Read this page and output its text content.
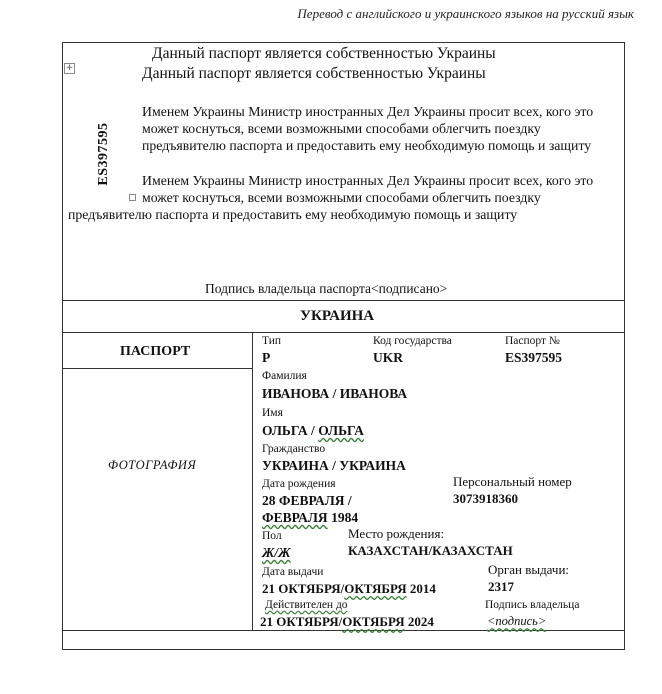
Перевод с английского и украинского языков на русский язык
+
Данный паспорт является собственностью Украины
Данный паспорт является собственностью Украины
ES397595
Именем Украины Министр иностранных Дел Украины просит всех, кого это
может коснуться, всеми возможными способами облегчить поездку
предъявителю паспорта и предоставить ему необходимую помощь и защиту
Именем Украины Министр иностранных Дел Украины просит всех, кого это
может коснуться, всеми возможными способами облегчить поездку
предъявителю паспорта и предоставить ему необходимую помощь и защиту
Подпись владельца паспорта<подписано>
УКРАИНА
ПАСПОРТ
ФОТОГРАФИЯ
Тип
P
Код государства
UKR
Паспорт №
ES397595
Фамилия
ИВАНОВА / ИВАНОВА
Имя
ОЛЬГА / ОЛЬГА
Гражданство
УКРАИНА / УКРАИНА
Дата рождения
28 ФЕВРАЛЯ /
ФЕВРАЛЯ 1984
Персональный номер
3073918360
Пол
Ж/Ж
Место рождения:
КАЗАХСТАН/КАЗАХСТАН
Дата выдачи
21 ОКТЯБРЯ/ОКТЯБРЯ 2014
Орган выдачи:
2317
Действителен до
21 ОКТЯБРЯ/ОКТЯБРЯ 2024
Подпись владельца
<подпись>
